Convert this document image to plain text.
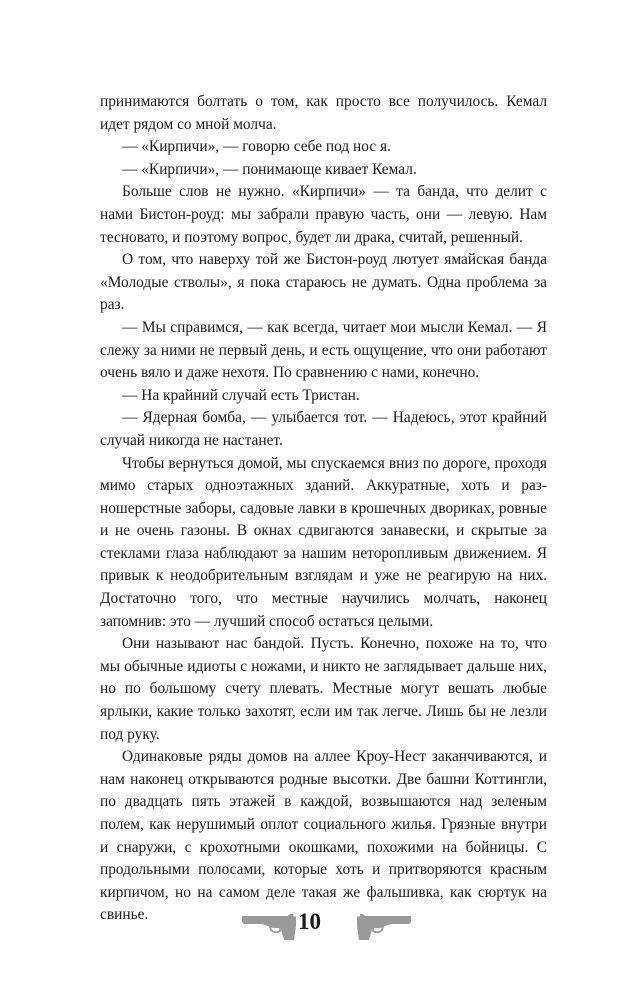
принимаются болтать о том, как просто все получилось. Кемал идет рядом со мной молча.

— «Кирпичи», — говорю себе под нос я.

— «Кирпичи», — понимающе кивает Кемал.

Больше слов не нужно. «Кирпичи» — та банда, что делит с нами Бистон-роуд: мы забрали правую часть, они — левую. Нам тесновато, и поэтому вопрос, будет ли драка, считай, решенный.

О том, что наверху той же Бистон-роуд лютует ямайская банда «Молодые стволы», я пока стараюсь не думать. Одна проблема за раз.

— Мы справимся, — как всегда, читает мои мысли Кемал. — Я слежу за ними не первый день, и есть ощущение, что они работают очень вяло и даже нехотя. По сравнению с нами, конечно.

— На крайний случай есть Тристан.

— Ядерная бомба, — улыбается тот. — Надеюсь, этот крайний случай никогда не настанет.

Чтобы вернуться домой, мы спускаемся вниз по дороге, проходя мимо старых одноэтажных зданий. Аккуратные, хоть и разношерстные заборы, садовые лавки в крошечных двориках, ровные и не очень газоны. В окнах сдвигаются занавески, и скрытые за стеклами глаза наблюдают за нашим неторопливым движением. Я привык к неодобрительным взглядам и уже не реагирую на них. Достаточно того, что местные научились молчать, наконец запомнив: это — лучший способ остаться целыми.

Они называют нас бандой. Пусть. Конечно, похоже на то, что мы обычные идиоты с ножами, и никто не заглядывает дальше них, но по большому счету плевать. Местные могут вешать любые ярлыки, какие только захотят, если им так легче. Лишь бы не лезли под руку.

Одинаковые ряды домов на аллее Кроу-Нест заканчиваются, и нам наконец открываются родные высотки. Две башни Коттингли, по двадцать пять этажей в каждой, возвышаются над зеленым полем, как нерушимый оплот социального жилья. Грязные внутри и снаружи, с крохотными окошками, похожими на бойницы. С продольными полосами, которые хоть и притворяются красным кирпичом, но на самом деле такая же фальшивка, как сюртук на свинье.	10
